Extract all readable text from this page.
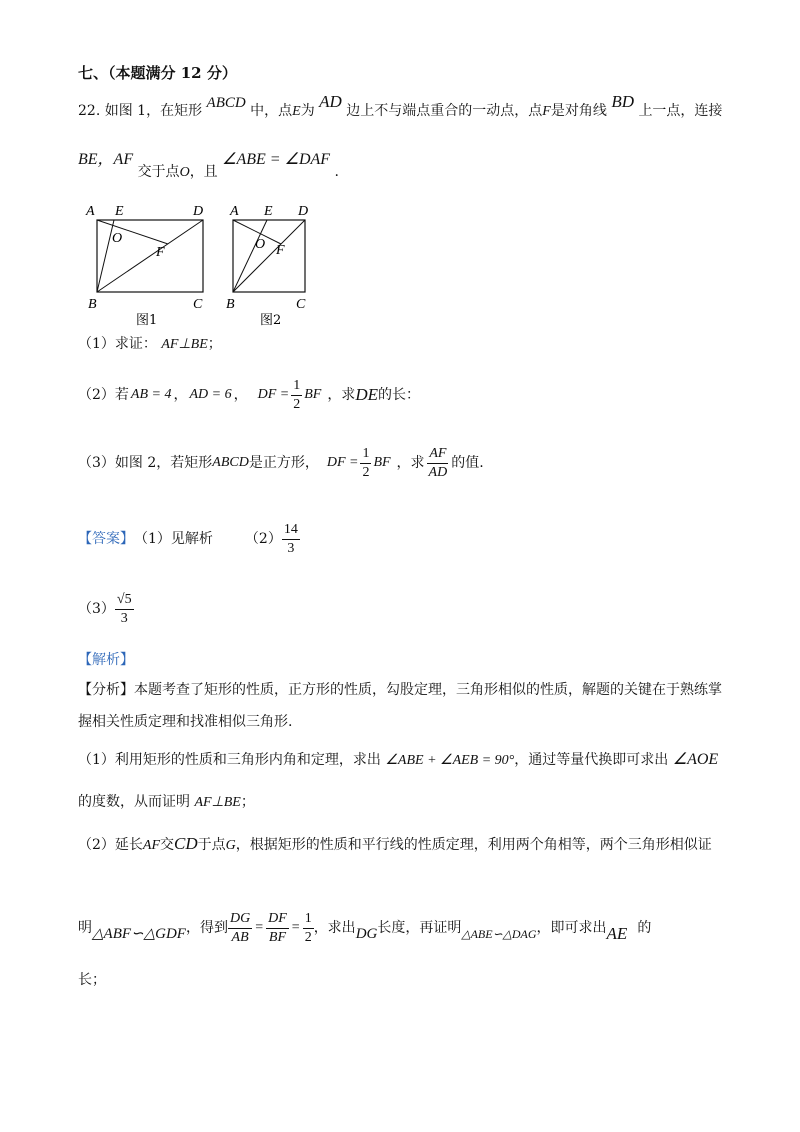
七、（本题满分 12 分）
22. 如图 1，在矩形 ABCD 中，点E为 AD 边上不与端点重合的一动点，点F是对角线 BD 上一点，连接
BE，AF 交于点O，且 ∠ABE = ∠DAF .
A E	D
O
F
B	C
图1
A E D
O F
B	C
图2
（1）求证： AF⊥BE；
（2）若 AB = 4 ， AD = 6 ， DF = $\frac{1}{2}$ BF ，求 DE 的长：
（3）如图 2，若矩形 ABCD 是正方形， DF = $\frac{1}{2}$ BF ，求 $\frac{AF}{AD}$ 的值.
【答案】 （1）见解析 $(2) \frac{14}{3}$
$(3) \frac{√5}{3}$
【解析】
【分析】本题考查了矩形的性质，正方形的性质，勾股定理，三角形相似的性质，解题的关键在于熟练掌
握相关性质定理和找准相似三角形.
（1）利用矩形的性质和三角形内角和定理，求出 ∠ABE + ∠AEB = 90°，通过等量代换即可求出 ∠AOE
的度数，从而证明 AF⊥BE；
（2）延长AF交CD于点G，根据矩形的性质和平行线的性质定理，利用两个角相等，两个三角形相似证
明 △ABF∽△GDF ，得到 $\frac{DG}{AB} = \frac{DF}{BF} = \frac{1}{2}$ ，求出 DG 长度，再证明 △ABE∽△DAG ，即可求出 AE 的
长；
